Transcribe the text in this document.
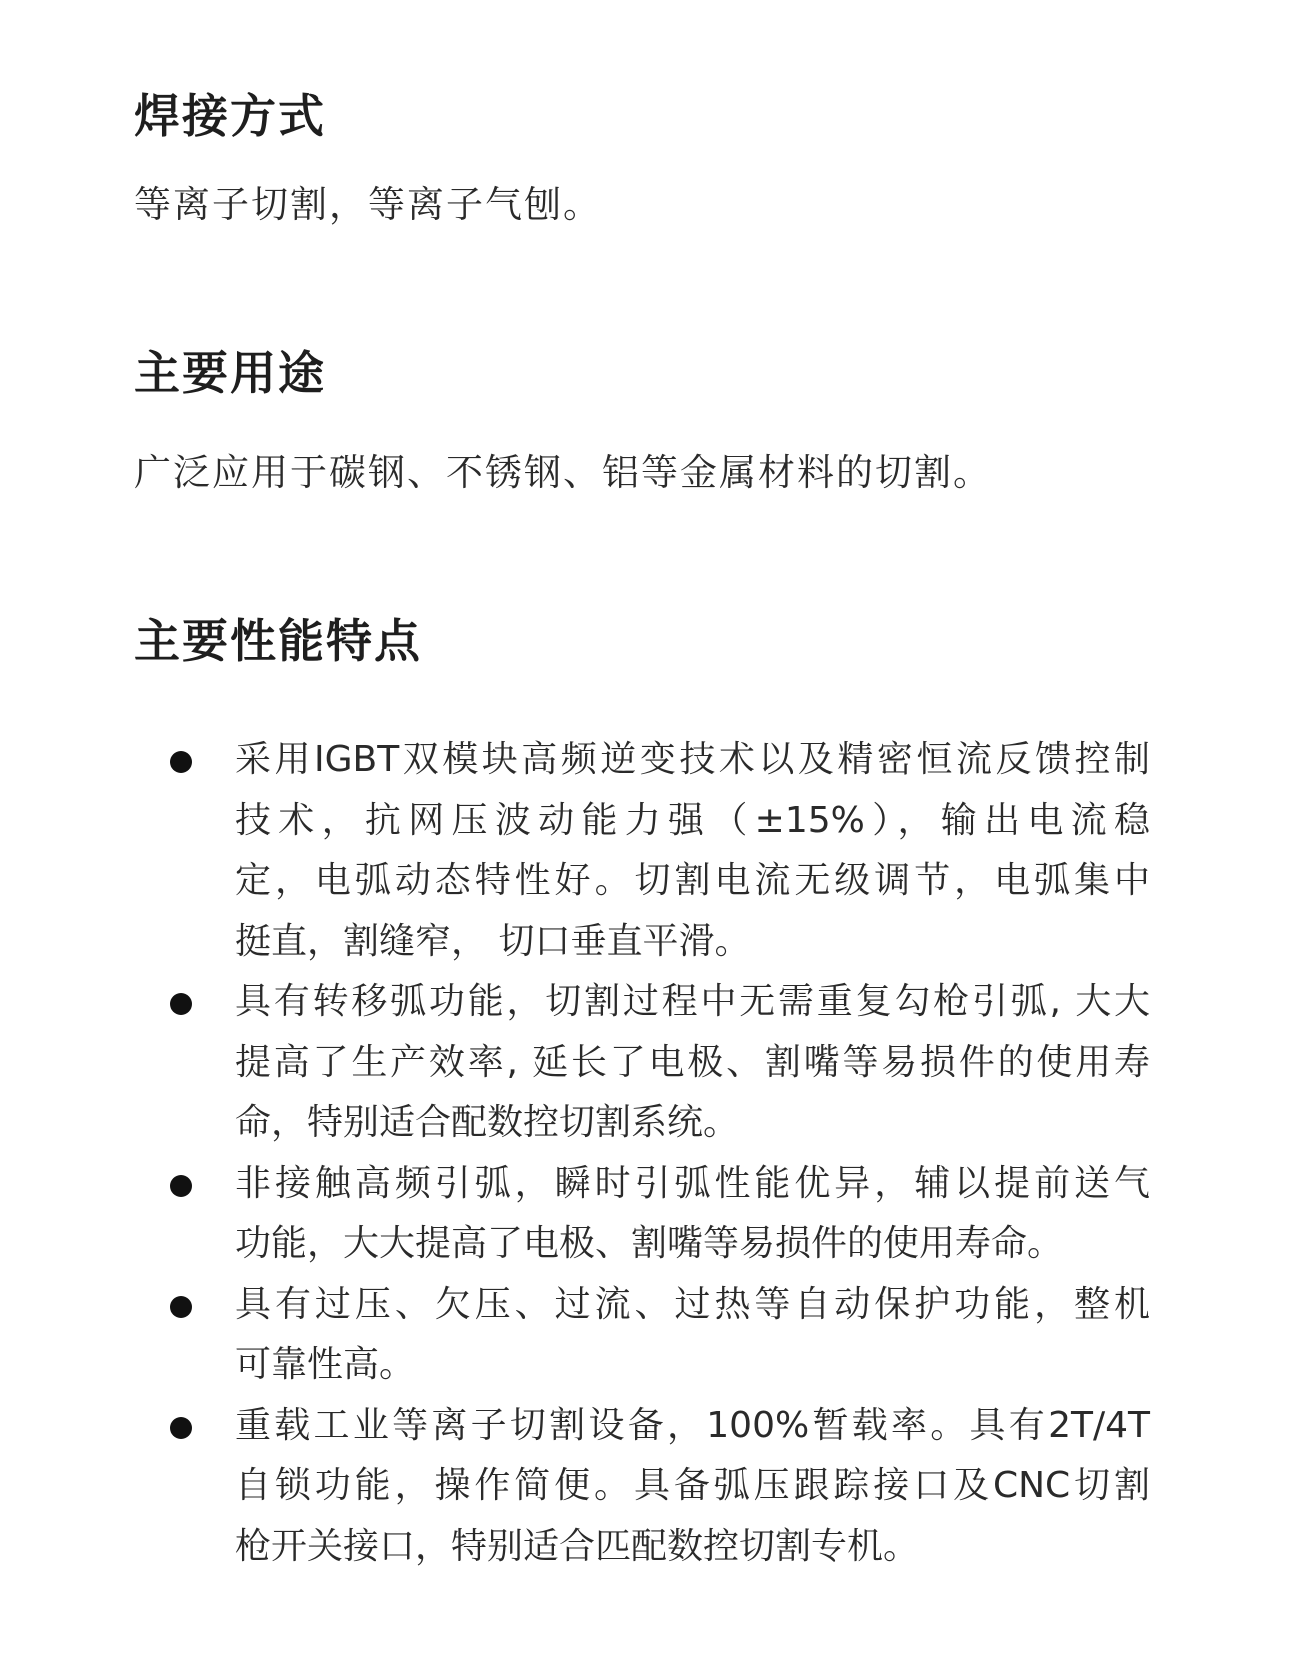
焊接方式

等离子切割，等离子气刨。

主要用途

广泛应用于碳钢、不锈钢、铝等金属材料的切割。

主要性能特点
采用IGBT双模块高频逆变技术以及精密恒流反馈控制
技术，抗网压波动能力强（±15%），输出电流稳
定，电弧动态特性好。切割电流无级调节，电弧集中
挺直，割缝窄， 切口垂直平滑。
具有转移弧功能，切割过程中无需重复勾枪引弧, 大大
提高了生产效率, 延长了电极、割嘴等易损件的使用寿
命，特别适合配数控切割系统。
非接触高频引弧，瞬时引弧性能优异，辅以提前送气
功能，大大提高了电极、割嘴等易损件的使用寿命。
具有过压、欠压、过流、过热等自动保护功能，整机
可靠性高。
重载工业等离子切割设备，100%暂载率。具有2T/4T
自锁功能，操作简便。具备弧压跟踪接口及CNC切割
枪开关接口，特别适合匹配数控切割专机。
